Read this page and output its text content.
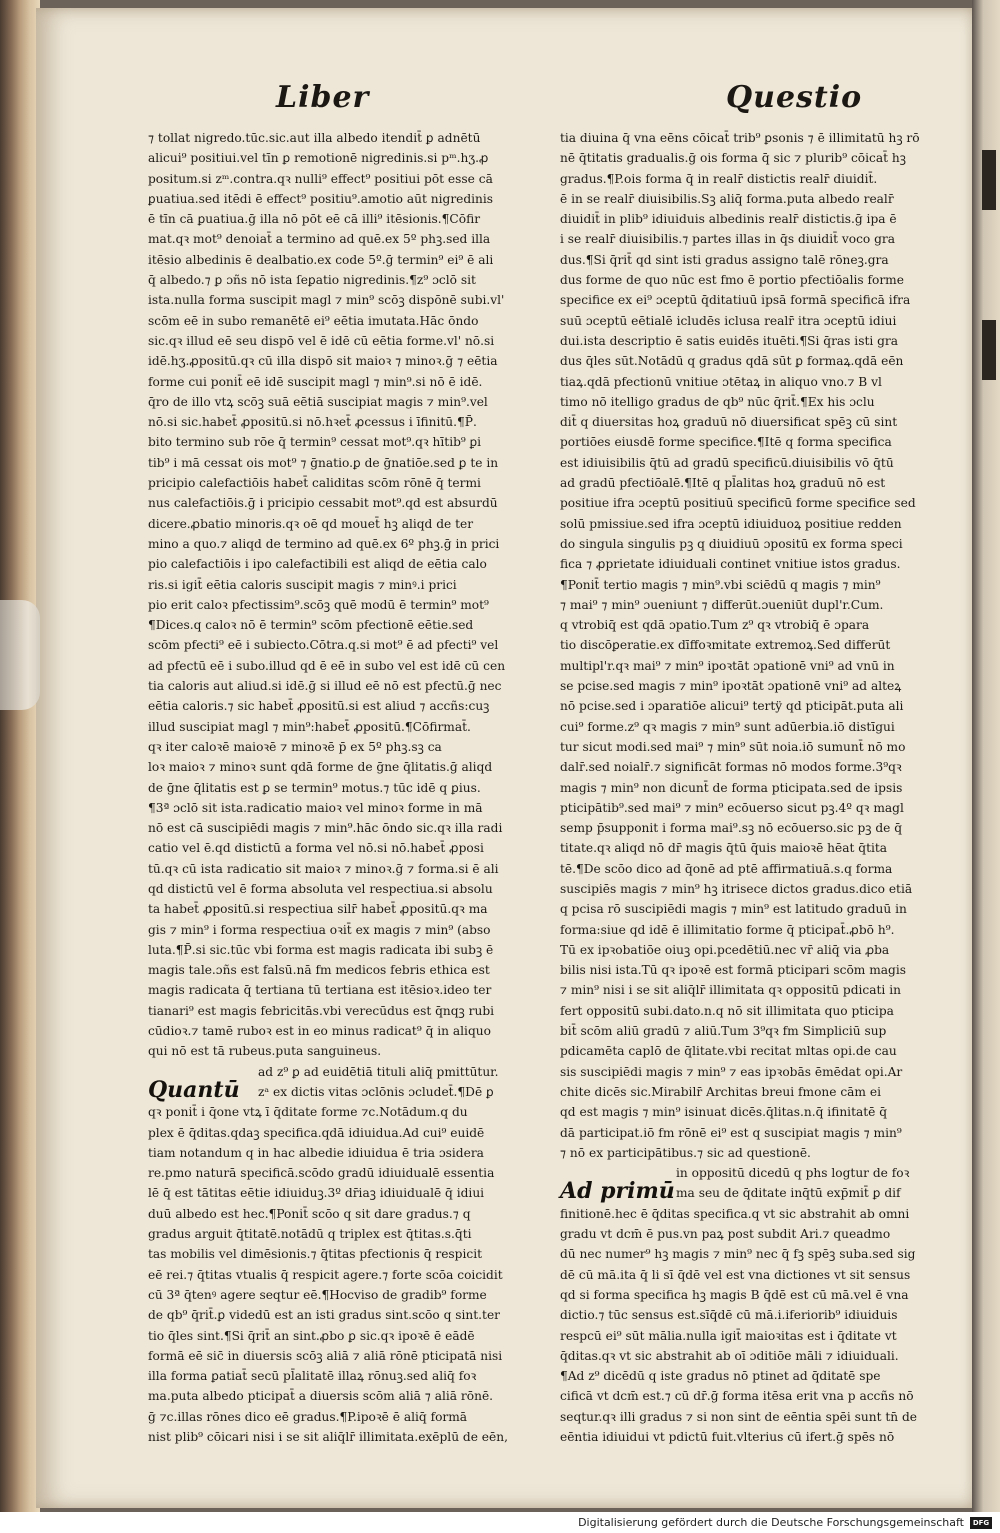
Liber	Questio
⁊ tollat nigredo.tūc.sic.aut illa albedo itendit̄ ꝑ adnētū
alicui⁹ positiui.vel tīn ꝑ remotionē nigredinis.si pᵐ.hʒ.ꝓ
positum.si zᵐ.contra.qꝛ nulli⁹ effect⁹ positiui pōt esse cā
ꝑuatiua.sed itēdi ē effect⁹ positiu⁹.amotio aūt nigredinis
ē tīn cā ꝑuatiua.ḡ illa nō pōt eē cā illi⁹ itēsionis.¶Cōfir
mat.qꝛ mot⁹ denoiat̄ a termino ad quē.ex 5º phꝫ.sed illa
itēsio albedinis ē dealbatio.ex code 5º.ḡ termin⁹ ei⁹ ē ali
q̄ albedo.⁊ ꝑ ɔñs nō ista ſeꝑatio nigredinis.¶z⁹ ɔclō sit
ista.nulla forma suscipit magl ⁊ min⁹ scōꝫ dispōnē subi.vl'
scōm eē in subo remanētē ei⁹ eētia imutata.Hāc ōndo
sic.qꝛ illud eē seu dispō vel ē idē cū eētia forme.vl' nō.si
idē.hʒ.ꝓpositū.qꝛ cū illa dispō sit maioꝛ ⁊ minoꝛ.ḡ ⁊ eētia
forme cui ponit̄ eē idē suscipit magl ⁊ min⁹.si nō ē idē.
q̄ro de illo vtꝝ scōꝫ suā eētiā suscipiat magis ⁊ min⁹.vel
nō.si sic.habet̄ ꝓpositū.si nō.hꝛet̄ ꝓcessus i īfinitū.¶P̄.
bito termino sub rōe q̄ termin⁹ cessat mot⁹.qꝛ hītib⁹ ꝑi
tib⁹ i mā cessat ois mot⁹ ⁊ ḡnatio.ꝑ de ḡnatiōe.sed ꝑ te in
pricipio calefactiōis habet̄ caliditas scōm rōnē q̄ termi
nus calefactiōis.ḡ i pricipio cessabit mot⁹.qd est absurdū
dicere.ꝓbatio minoris.qꝛ oē qd mouet̄ hꝫ aliqd de ter
mino a quo.⁊ aliqd de termino ad quē.ex 6º phꝫ.ḡ in prici
pio calefactiōis i ipo calefactibili est aliqd de eētia calo
ris.si igit̄ eētia caloris suscipit magis ⁊ minꝰ.i prici
pio erit caloꝛ pfectissim⁹.scōꝫ quē modū ē termin⁹ mot⁹
¶Dices.q caloꝛ nō ē termin⁹ scōm pfectionē eētie.sed
scōm pfecti⁹ eē i subiecto.Cōtra.q.si mot⁹ ē ad pfecti⁹ vel
ad pfectū eē i subo.illud qd ē eē in subo vel est idē cū cen
tia caloris aut aliud.si idē.ḡ si illud eē nō est pfectū.ḡ nec
eētia caloris.⁊ sic habet̄ ꝓpositū.si est aliud ⁊ accñs:cuꝫ
illud suscipiat magl ⁊ min⁹:habet̄ ꝓpositū.¶Cōfirmat̄.
qꝛ iter caloꝛē maioꝛē ⁊ minoꝛē p̄ ex 5º phꝫ.sꝫ ca
loꝛ maioꝛ ⁊ minoꝛ sunt qdā forme de ḡne q̄litatis.ḡ aliqd
de ḡne q̄litatis est ꝑ se termin⁹ motus.⁊ tūc idē q ꝑius.
¶3ª ɔclō sit ista.radicatio maioꝛ vel minoꝛ forme in mā
nō est cā suscipiēdi magis ⁊ min⁹.hāc ōndo sic.qꝛ illa radi
catio vel ē.qd distictū a forma vel nō.si nō.habet̄ ꝓposi
tū.qꝛ cū ista radicatio sit maioꝛ ⁊ minoꝛ.ḡ ⁊ forma.si ē ali
qd distictū vel ē forma absoluta vel respectiua.si absolu
ta habet̄ ꝓpositū.si respectiua silr̄ habet̄ ꝓpositū.qꝛ ma
gis ⁊ min⁹ i forma respectiua oꝛit̄ ex magis ⁊ min⁹ (abso
luta.¶P̄.si sic.tūc vbi forma est magis radicata ibi subꝫ ē
magis tale.ɔñs est falsū.nā fm medicos febris ethica est
magis radicata q̄ tertiana tū tertiana est itēsioꝛ.ideo ter
tianari⁹ est magis febricitās.vbi verecūdus est q̄nqꝫ rubi
cūdioꝛ.⁊ tamē ruboꝛ est in eo minus radicat⁹ q̄ in aliquo
qui nō est tā rubeus.puta sanguineus.
Quantū
ad z⁹ ꝑ ad euidētiā tituli aliq̄ pmittūtur.
zᵃ ex dictis vitas ɔclōnis ɔcludet̄.¶Dē ꝑ
qꝛ ponit̄ i q̄one vtꝝ ī q̄ditate forme ⁊c.Notādum.q du
plex ē q̄ditas.qdaꝫ specifica.qdā idiuidua.Ad cui⁹ euidē
tiam notandum q in hac albedie idiuidua ē tria ɔsidera
re.pmo naturā specificā.scōdo gradū idiuidualē essentia
lē q̄ est tātitas eētie idiuiduꝫ.3º dr̄iaꝫ idiuidualē q̄ idiui
duū albedo est hec.¶Ponit̄ scōo q sit dare gradus.⁊ q
gradus arguit q̄titatē.notādū q triplex est q̄titas.s.q̄ti
tas mobilis vel dimēsionis.⁊ q̄titas pfectionis q̄ respicit
eē rei.⁊ q̄titas vtualis q̄ respicit agere.⁊ forte scōa coicidit
cū 3ª q̄tenꝰ agere seqtur eē.¶Hocviso de gradib⁹ forme
de qb⁹ q̄rit̄.ꝑ videdū est an isti gradus sint.scōo q sint.ter
tio q̄les sint.¶Si q̄rit̄ an sint.ꝓbo ꝑ sic.qꝛ ipoꝛē ē eādē
formā eē sic̄ in diuersis scōꝫ aliā ⁊ aliā rōnē pticipatā nisi
illa forma ꝑatiat̄ secū pl̄alitatē illaꝝ rōnuꝫ.sed aliq̄ foꝛ
ma.puta albedo pticipat̄ a diuersis scōm aliā ⁊ aliā rōnē.
ḡ ⁊c.illas rōnes dico eē gradus.¶P.ipoꝛē ē aliq̄ formā
nist plib⁹ cōicari nisi i se sit aliq̄lr̄ illimitata.exēplū de eēn,
tia diuina q̄ vna eēns cōicat̄ trib⁹ ꝑsonis ⁊ ē illimitatū hꝫ rō
nē q̄titatis gradualis.ḡ ois forma q̄ sic ⁊ plurib⁹ cōicat̄ hꝫ
gradus.¶P.ois forma q̄ in realr̄ distictis realr̄ diuidit̄.
ē in se realr̄ diuisibilis.Sꝫ aliq̄ forma.puta albedo realr̄
diuidit̄ in plib⁹ idiuiduis albedinis realr̄ distictis.ḡ ipa ē
i se realr̄ diuisibilis.⁊ partes illas in q̄s diuidit̄ voco gra
dus.¶Si q̄rit̄ qd sint isti gradus assigno talē rōneꝫ.gra
dus forme de quo nūc est fmo ē portio pfectiōalis forme
specifice ex ei⁹ ɔceptū q̄ditatiuū ipsā formā specificā ifra
suū ɔceptū eētialē icludēs iclusa realr̄ itra ɔceptū idiui
dui.ista descriptio ē satis euidēs ituēti.¶Si q̄ras isti gra
dus q̄les sūt.Notādū q gradus qdā sūt ꝑ formaꝝ.qdā eēn
tiaꝝ.qdā pfectionū vnitiue ɔtētaꝝ in aliquo vno.⁊ B vl
timo nō itelligo gradus de qb⁹ nūc q̄rit̄.¶Ex his ɔclu
dit̄ q diuersitas hoꝝ graduū nō diuersificat spēꝫ cū sint
portiōes eiusdē forme specifice.¶Itē q forma specifica
est idiuisibilis q̄tū ad gradū specificū.diuisibilis vō q̄tū
ad gradū pfectiōalē.¶Itē q pl̄alitas hoꝝ graduū nō est
positiue ifra ɔceptū positiuū specificū forme specifice sed
solū pmissiue.sed ifra ɔceptū idiuiduoꝝ positiue redden
do singula singulis pꝫ q diuidiuū ɔpositū ex forma speci
fica ⁊ ꝓprietate idiuiduali continet vnitiue istos gradus.
¶Ponit̄ tertio magis ⁊ min⁹.vbi sciēdū q magis ⁊ min⁹
⁊ mai⁹ ⁊ min⁹ ɔueniunt ⁊ differūt.ɔueniūt dupl'r.Cum.
q vtrobiq̄ est qdā ɔpatio.Tum z⁹ qꝛ vtrobiq̄ ē ɔpara
tio discōꝑeratie.ex dīffoꝛmitate extremoꝝ.Sed differūt
multipl'r.qꝛ mai⁹ ⁊ min⁹ ipoꝛtāt ɔpationē vni⁹ ad vnū in
se pcise.sed magis ⁊ min⁹ ipoꝛtāt ɔpationē vni⁹ ad alteꝝ
nō pcise.sed i ɔparatiōe alicui⁹ tertÿ qd pticipāt.puta ali
cui⁹ forme.z⁹ qꝛ magis ⁊ min⁹ sunt adūerbia.iō distīgui
tur sicut modi.sed mai⁹ ⁊ min⁹ sūt noia.iō sumunt̄ nō mo
dalr̄.sed noialr̄.⁊ significāt formas nō modos forme.3⁹qꝛ
magis ⁊ min⁹ non dicunt̄ de forma pticipata.sed de ipsis
pticipātib⁹.sed mai⁹ ⁊ min⁹ ecōuerso sicut pꝫ.4º qꝛ magl
semp p̄supponit i forma mai⁹.sꝫ nō ecōuerso.sic pꝫ de q̄
titate.qꝛ aliqd nō dr̄ magis q̄tū q̄uis maioꝛē hēat q̄tita
tē.¶De scōo dico ad q̄onē ad ptē affirmatiuā.s.q forma
suscipiēs magis ⁊ min⁹ hꝫ itrisece dictos gradus.dico etiā
q pcisa rō suscipiēdi magis ⁊ min⁹ est latitudo graduū in
forma:siue qd idē ē illimitatio forme q̄ pticipat̄.ꝓbō h⁹.
Tū ex ipꝛobatiōe oiuꝫ opi.pcedētiū.nec vr̄ aliq̄ via ꝓba
bilis nisi ista.Tū qꝛ ipoꝛē est formā pticipari scōm magis
⁊ min⁹ nisi i se sit aliq̄lr̄ illimitata qꝛ oppositū pdicati in
fert oppositū subi.dato.n.q nō sit illimitata quo pticipa
bit̄ scōm aliū gradū ⁊ aliū.Tum 3⁹qꝛ fm Simpliciū sup
pdicamēta caplō de q̄litate.vbi recitat mltas opi.de cau
sis suscipiēdi magis ⁊ min⁹ ⁊ eas ipꝛobās ēmēdat opi.Ar
chite dicēs sic.Mirabilr̄ Architas breui fmone cām ei
qd est magis ⁊ min⁹ isinuat dicēs.q̄litas.n.q̄ ifinitatē q̄
dā participat.iō fm rōnē ei⁹ est q suscipiat magis ⁊ min⁹
⁊ nō ex participātibus.⁊ sic ad questionē.
Ad primū
in oppositū dicedū q phs logtur de foꝛ
ma seu de q̄ditate inq̄tū exp̄mit̄ ꝑ dif
finitionē.hec ē q̄ditas specifica.q vt sic abstrahit ab omni
gradu vt dcm̄ ē pus.vn paꝝ post subdit Ari.⁊ queadmo
dū nec numer⁹ hꝫ magis ⁊ min⁹ nec q̄ fꝫ spēꝫ suba.sed sig
dē cū mā.ita q̄ li sī q̄dē vel est vna dictiones vt sit sensus
qd si forma specifica hꝫ magis B q̄dē est cū mā.vel ē vna
dictio.⁊ tūc sensus est.sīq̄dē cū mā.i.iferiorib⁹ idiuiduis
respcū ei⁹ sūt mālia.nulla igit̄ maioꝛitas est i q̄ditate vt
q̄ditas.qꝛ vt sic abstrahit ab oī ɔditiōe māli ⁊ idiuiduali.
¶Ad z⁹ dicēdū q iste gradus nō ptinet ad q̄ditatē spe
cificā vt dcm̄ est.⁊ cū dr̄.ḡ forma itēsa erit vna p accñs nō
seqtur.qꝛ illi gradus ⁊ si non sint de eēntia spēi sunt tn̄ de
eēntia idiuidui vt pdictū fuit.vlterius cū ifert.ḡ spēs nō
Digitalisierung gefördert durch die Deutsche Forschungsgemeinschaft	DFG
